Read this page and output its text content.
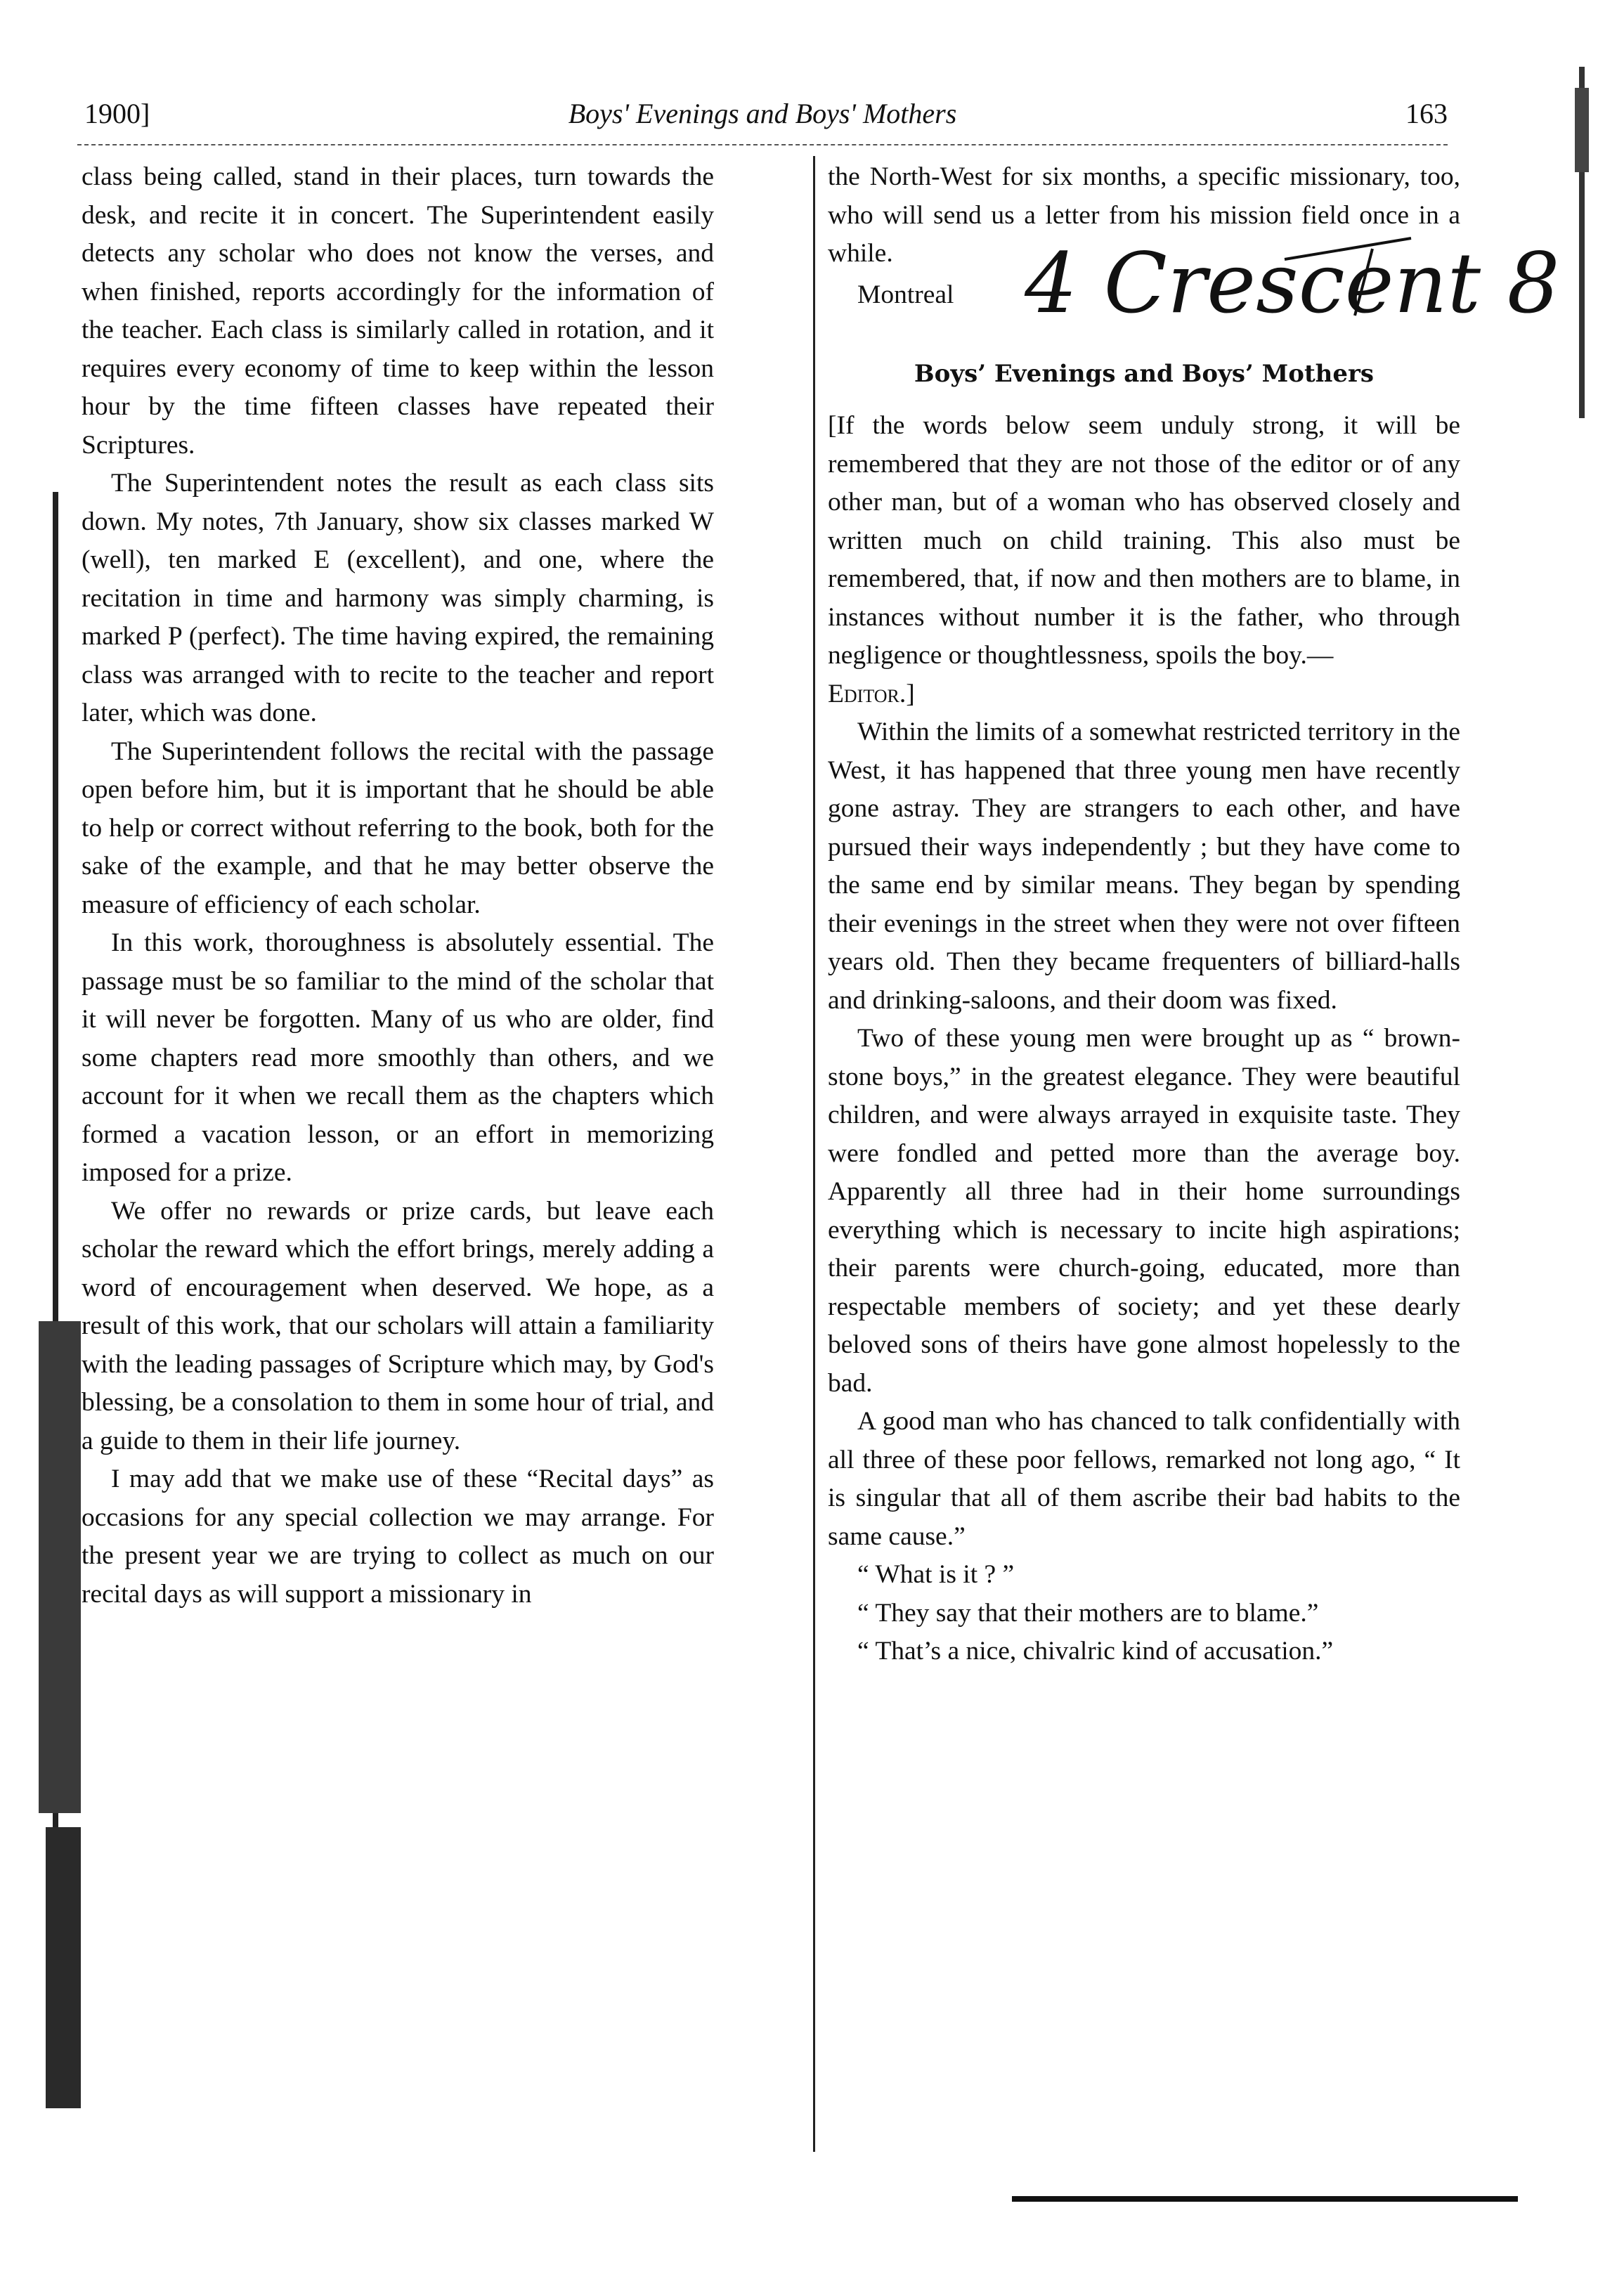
1900]	Boys' Evenings and Boys' Mothers	163

class being called, stand in their places, turn towards the desk, and recite it in concert. The Superintendent easily detects any scholar who does not know the verses, and when finished, reports accordingly for the information of the teacher. Each class is similarly called in rotation, and it requires every economy of time to keep within the lesson hour by the time fifteen classes have repeated their Scriptures.

The Superintendent notes the result as each class sits down. My notes, 7th January, show six classes marked W (well), ten marked E (excellent), and one, where the recitation in time and harmony was simply charming, is marked P (perfect). The time having expired, the remaining class was arranged with to recite to the teacher and report later, which was done.

The Superintendent follows the recital with the passage open before him, but it is important that he should be able to help or correct without referring to the book, both for the sake of the example, and that he may better observe the measure of efficiency of each scholar.

In this work, thoroughness is absolutely essential. The passage must be so familiar to the mind of the scholar that it will never be forgotten. Many of us who are older, find some chapters read more smoothly than others, and we account for it when we recall them as the chapters which formed a vacation lesson, or an effort in memorizing imposed for a prize.

We offer no rewards or prize cards, but leave each scholar the reward which the effort brings, merely adding a word of encouragement when deserved. We hope, as a result of this work, that our scholars will attain a familiarity with the leading passages of Scripture which may, by God's blessing, be a consolation to them in some hour of trial, and a guide to them in their life journey.

I may add that we make use of these “Recital days” as occasions for any special collection we may arrange. For the present year we are trying to collect as much on our recital days as will support a missionary in

the North-West for six months, a specific missionary, too, who will send us a letter from his mission field once in a while.

Montreal 4 Crescent 8
Boys’ Evenings and Boys’ Mothers

[If the words below seem unduly strong, it will be remembered that they are not those of the editor or of any other man, but of a woman who has observed closely and written much on child training. This also must be remembered, that, if now and then mothers are to blame, in instances without number it is the father, who through negligence or thoughtlessness, spoils the boy.—
Editor.]

Within the limits of a somewhat restricted territory in the West, it has happened that three young men have recently gone astray. They are strangers to each other, and have pursued their ways independently ; but they have come to the same end by similar means. They began by spending their evenings in the street when they were not over fifteen years old. Then they became frequenters of billiard-halls and drinking-saloons, and their doom was fixed.

Two of these young men were brought up as “ brown-stone boys,” in the greatest elegance. They were beautiful children, and were always arrayed in exquisite taste. They were fondled and petted more than the average boy. Apparently all three had in their home surroundings everything which is necessary to incite high aspirations; their parents were church-going, educated, more than respectable members of society; and yet these dearly beloved sons of theirs have gone almost hopelessly to the bad.

A good man who has chanced to talk confidentially with all three of these poor fellows, remarked not long ago, “ It is singular that all of them ascribe their bad habits to the same cause.”

“ What is it ? ”

“ They say that their mothers are to blame.”

“ That’s a nice, chivalric kind of accusation.”
